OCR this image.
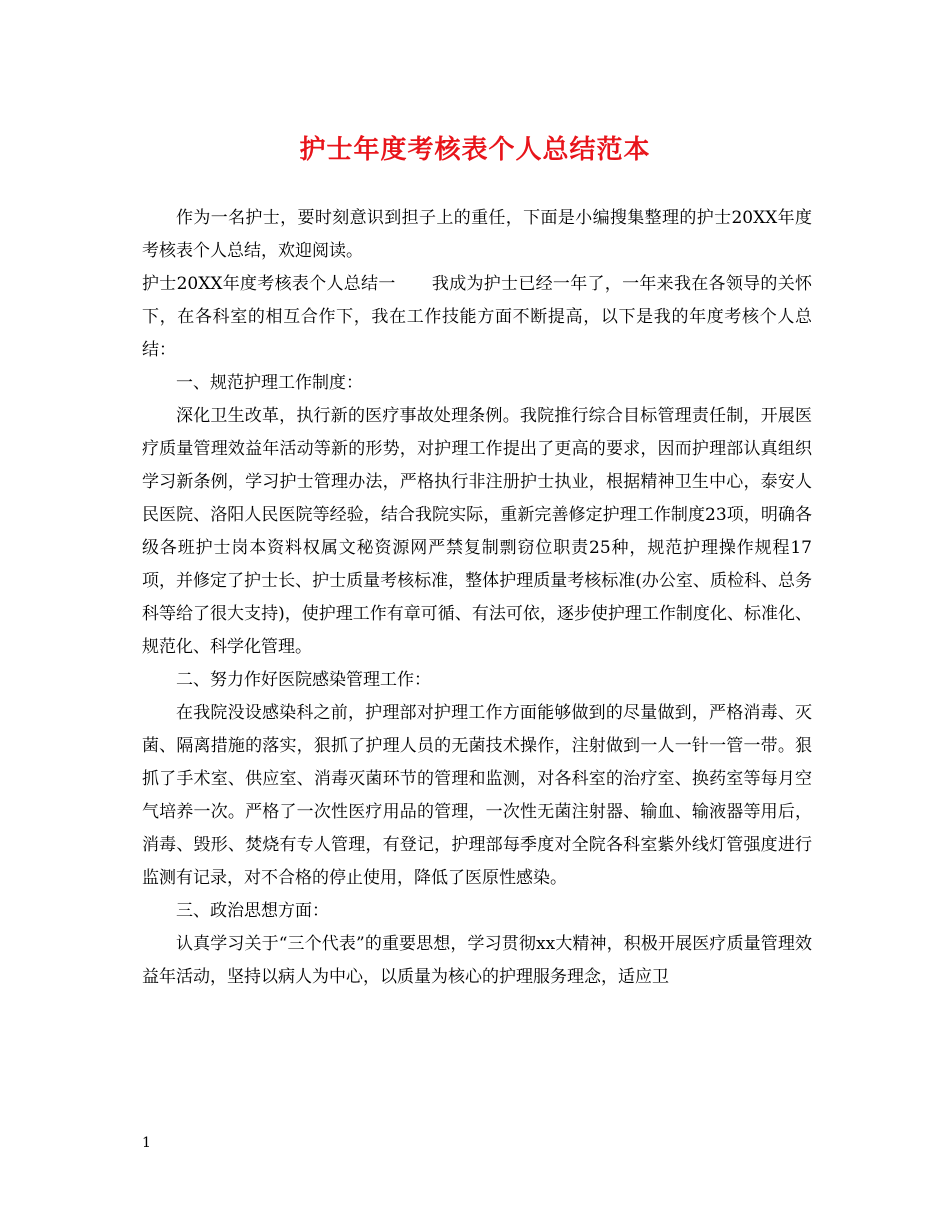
护士年度考核表个人总结范本

作为一名护士，要时刻意识到担子上的重任，下面是小编搜集整理的护士20XX年度考核表个人总结，欢迎阅读。

护士20XX年度考核表个人总结一 我成为护士已经一年了，一年来我在各领导的关怀下，在各科室的相互合作下，我在工作技能方面不断提高，以下是我的年度考核个人总结：

一、规范护理工作制度：

深化卫生改革，执行新的医疗事故处理条例。我院推行综合目标管理责任制，开展医疗质量管理效益年活动等新的形势，对护理工作提出了更高的要求，因而护理部认真组织学习新条例，学习护士管理办法，严格执行非注册护士执业，根据精神卫生中心，泰安人民医院、洛阳人民医院等经验，结合我院实际，重新完善修定护理工作制度23项，明确各级各班护士岗本资料权属文秘资源网严禁复制剽窃位职责25种，规范护理操作规程17项，并修定了护士长、护士质量考核标准，整体护理质量考核标准(办公室、质检科、总务科等给了很大支持)，使护理工作有章可循、有法可依，逐步使护理工作制度化、标准化、规范化、科学化管理。

二、努力作好医院感染管理工作：

在我院没设感染科之前，护理部对护理工作方面能够做到的尽量做到，严格消毒、灭菌、隔离措施的落实，狠抓了护理人员的无菌技术操作，注射做到一人一针一管一带。狠抓了手术室、供应室、消毒灭菌环节的管理和监测，对各科室的治疗室、换药室等每月空气培养一次。严格了一次性医疗用品的管理，一次性无菌注射器、输血、输液器等用后，消毒、毁形、焚烧有专人管理，有登记，护理部每季度对全院各科室紫外线灯管强度进行监测有记录，对不合格的停止使用，降低了医原性感染。

三、政治思想方面：

认真学习关于“三个代表”的重要思想，学习贯彻xx大精神，积极开展医疗质量管理效益年活动，坚持以病人为中心，以质量为核心的护理服务理念，适应卫

1
